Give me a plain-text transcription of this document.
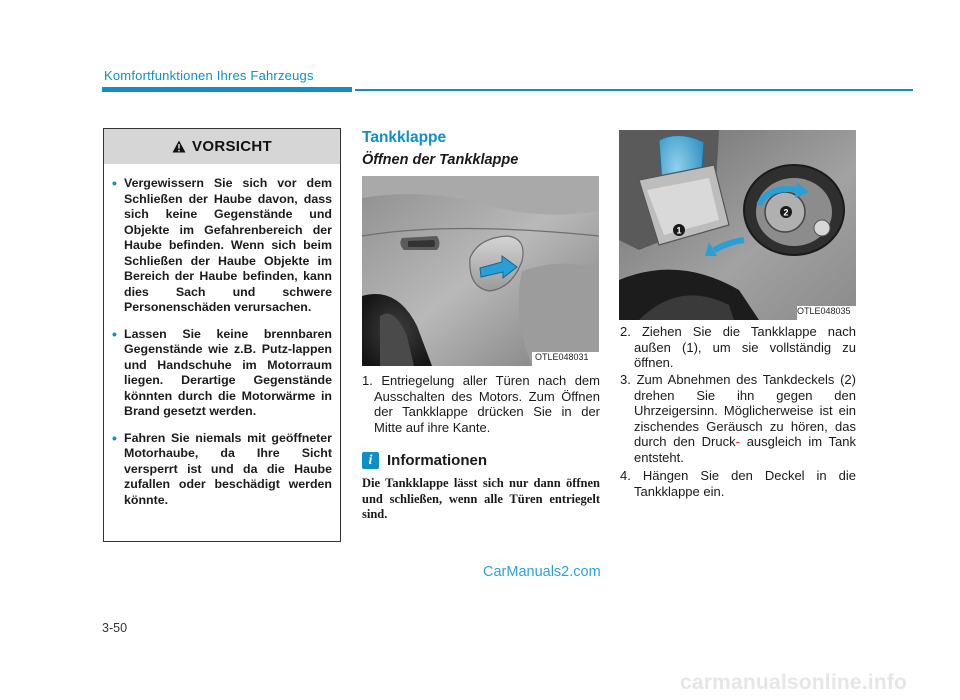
Komfortfunktionen Ihres Fahrzeugs
VORSICHT
• Vergewissern Sie sich vor dem Schließen der Haube davon, dass sich keine Gegenstände und Objekte im Gefahrenbereich der Haube befinden. Wenn sich beim Schließen der Haube Objekte im Bereich der Haube befinden, kann dies Sach und schwere Personenschäden verursachen.
• Lassen Sie keine brennbaren Gegenstände wie z.B. Putz-lappen und Handschuhe im Motorraum liegen. Derartige Gegenstände könnten durch die Motorwärme in Brand gesetzt werden.
• Fahren Sie niemals mit geöffneter Motorhaube, da Ihre Sicht versperrt ist und da die Haube zufallen oder beschädigt werden könnte.
Tankklappe
Öffnen der Tankklappe
OTLE048031
1. Entriegelung aller Türen nach dem Ausschalten des Motors. Zum Öffnen der Tankklappe drücken Sie in der Mitte auf ihre Kante.
i Informationen
Die Tankklappe lässt sich nur dann öffnen und schließen, wenn alle Türen entriegelt sind.
1
2
OTLE048035
2. Ziehen Sie die Tankklappe nach außen (1), um sie vollständig zu öffnen.
3. Zum Abnehmen des Tankdeckels (2) drehen Sie ihn gegen den Uhrzeigersinn. Möglicherweise ist ein zischendes Geräusch zu hören, das durch den Druck- ausgleich im Tank entsteht.
4. Hängen Sie den Deckel in die Tankklappe ein.
CarManuals2.com
3-50
carmanualsonline.info
